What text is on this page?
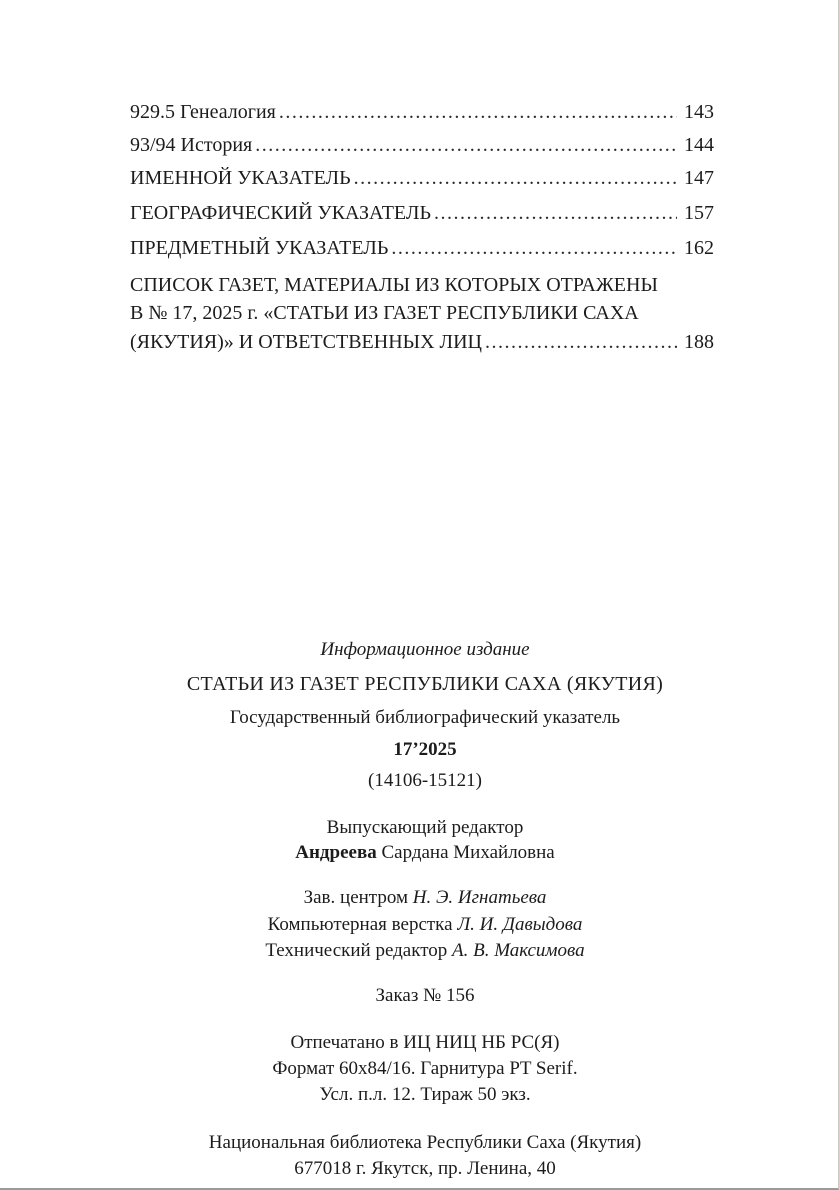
929.5 Генеалогия .....	143
93/94 История .....	144
ИМЕННОЙ УКАЗАТЕЛЬ .....	147
ГЕОГРАФИЧЕСКИЙ УКАЗАТЕЛЬ .....	157
ПРЕДМЕТНЫЙ УКАЗАТЕЛЬ .....	162
СПИСОК ГАЗЕТ, МАТЕРИАЛЫ ИЗ КОТОРЫХ ОТРАЖЕНЫ
В № 17, 2025 г. «СТАТЬИ ИЗ ГАЗЕТ РЕСПУБЛИКИ САХА
(ЯКУТИЯ)» И ОТВЕТСТВЕННЫХ ЛИЦ .....	188
Информационное издание
СТАТЬИ ИЗ ГАЗЕТ РЕСПУБЛИКИ САХА (ЯКУТИЯ)
Государственный библиографический указатель
17’2025
(14106-15121)
Выпускающий редактор
Андреева Сардана Михайловна
Зав. центром Н. Э. Игнатьева
Компьютерная верстка Л. И. Давыдова
Технический редактор А. В. Максимова
Заказ № 156
Отпечатано в ИЦ НИЦ НБ РС(Я)
Формат 60х84/16. Гарнитура PT Serif.
Усл. п.л. 12. Тираж 50 экз.
Национальная библиотека Республики Саха (Якутия)
677018 г. Якутск, пр. Ленина, 40
